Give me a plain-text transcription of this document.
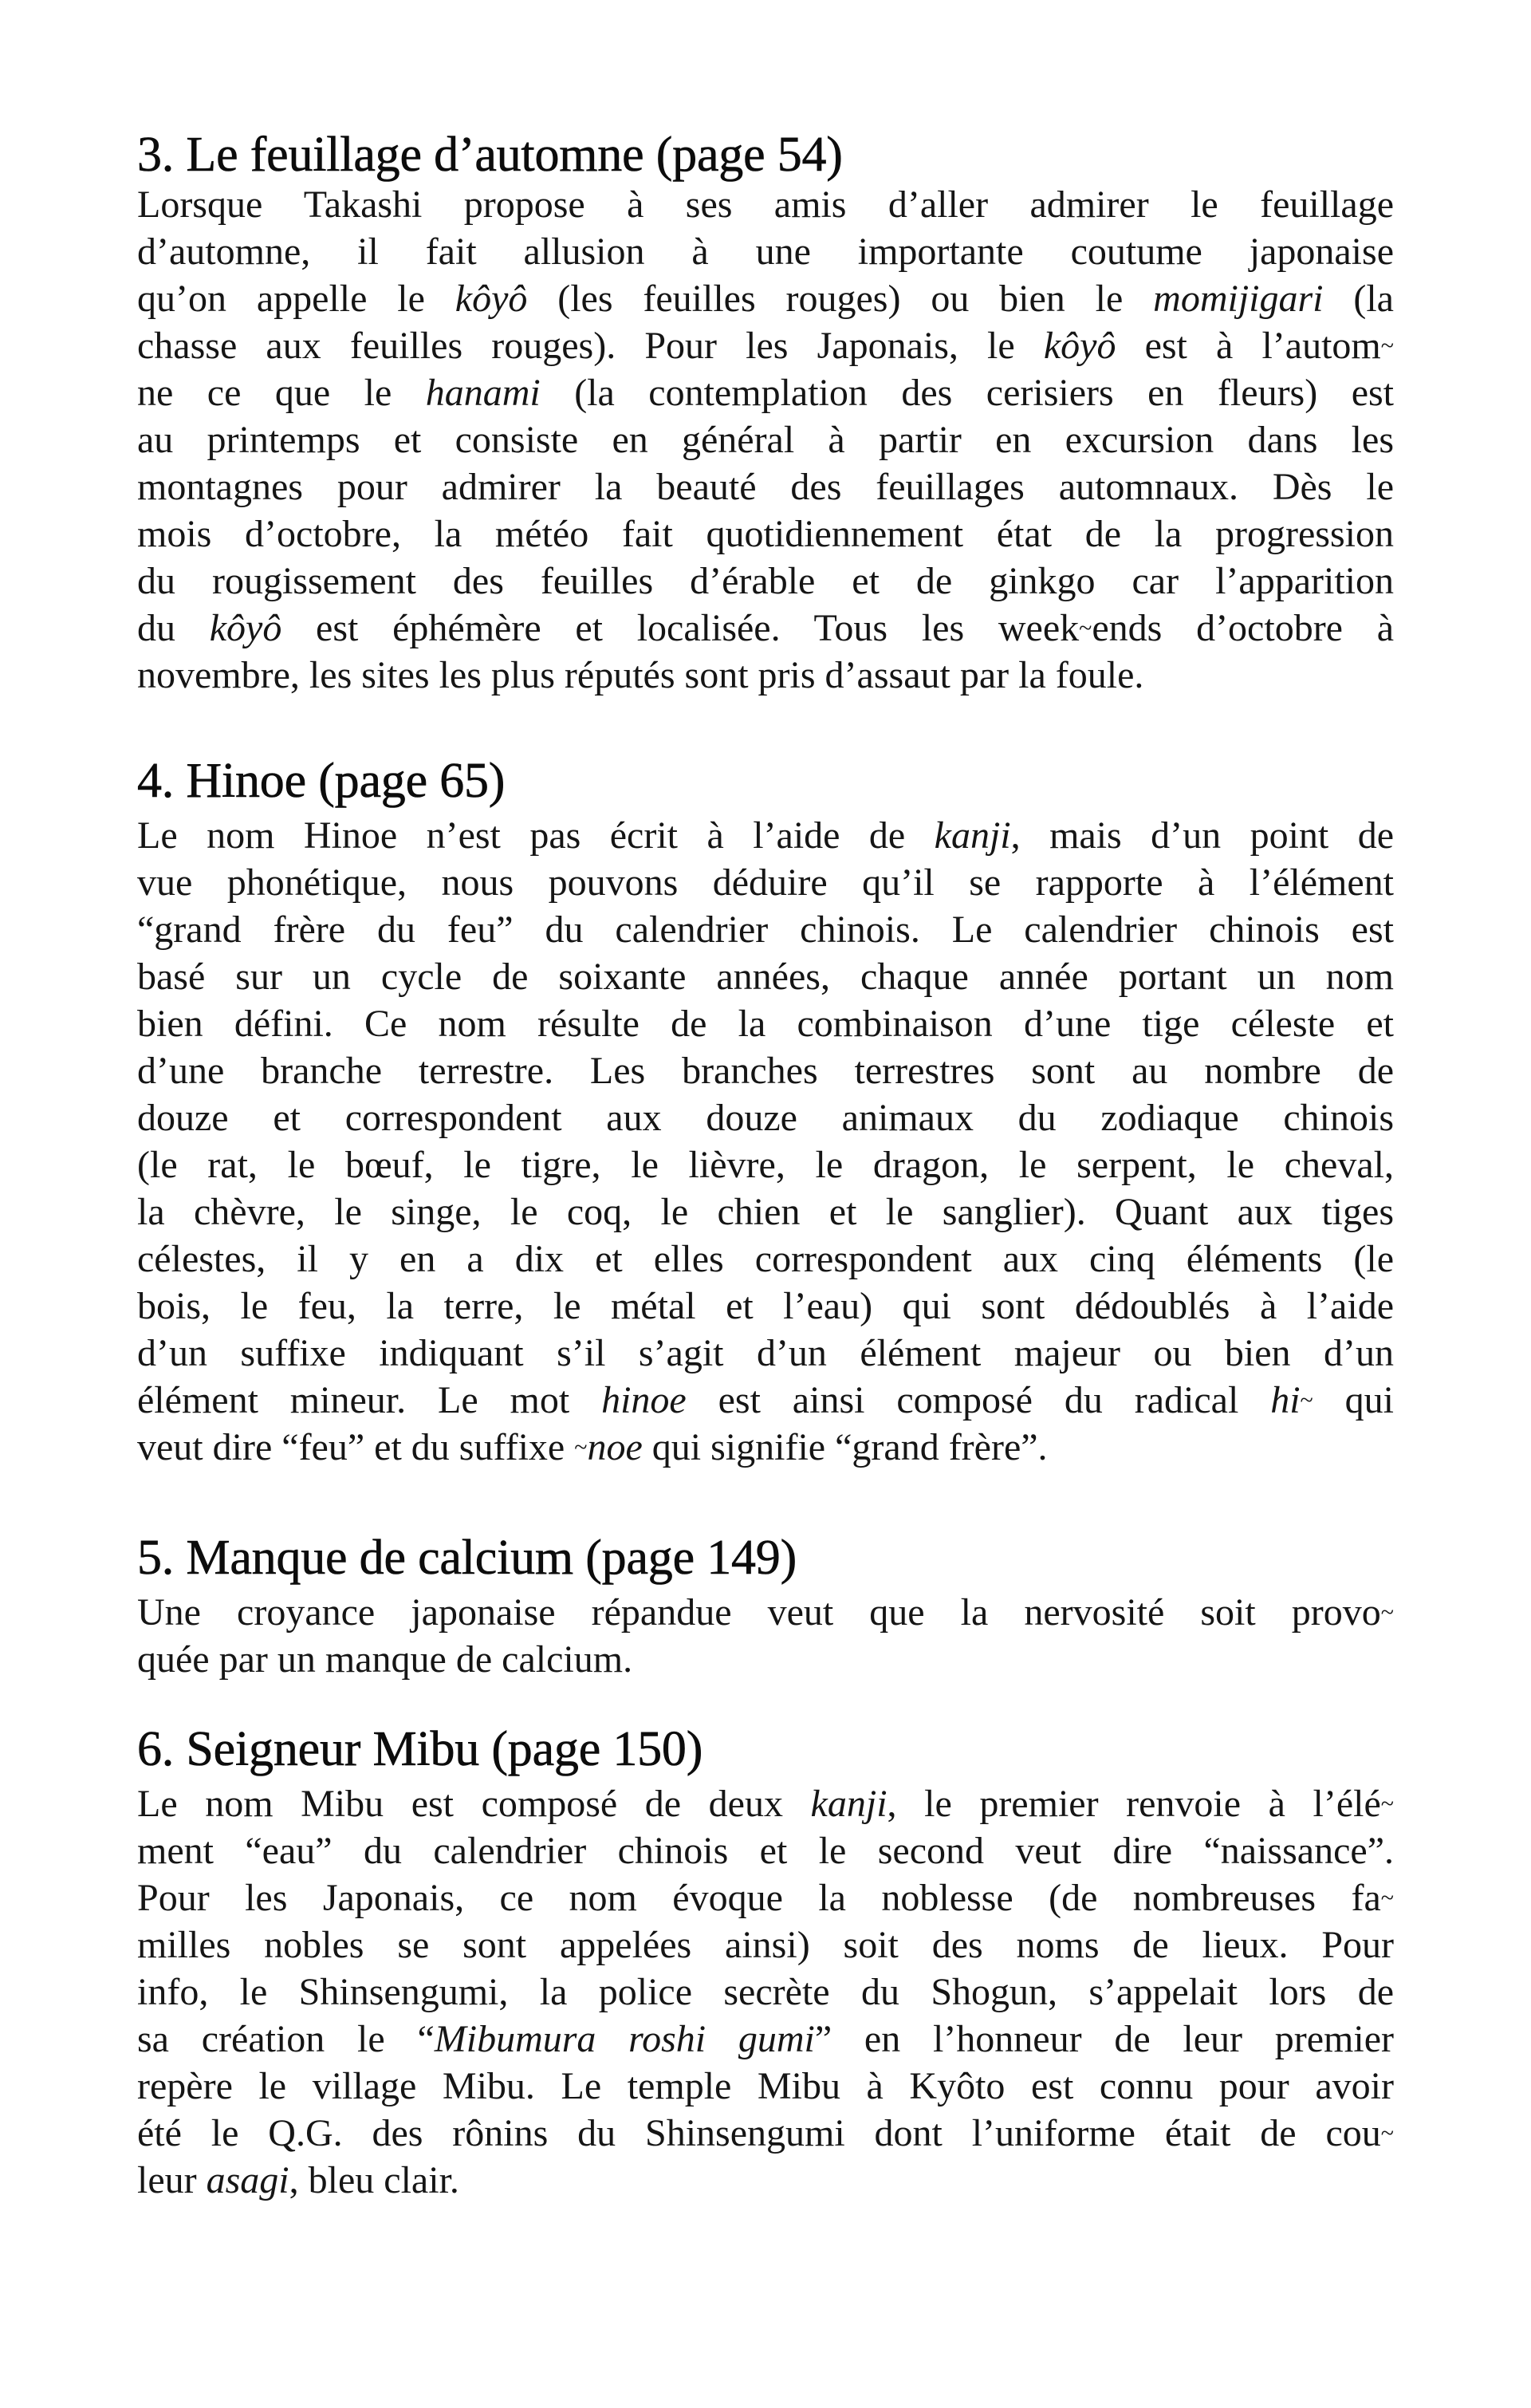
3. Le feuillage d’automne (page 54)
Lorsque Takashi propose à ses amis d’aller admirer le feuillage
d’automne, il fait allusion à une importante coutume japonaise
qu’on appelle le kôyô (les feuilles rouges) ou bien le momijigari (la
chasse aux feuilles rouges). Pour les Japonais, le kôyô est à l’autom~
ne ce que le hanami (la contemplation des cerisiers en fleurs) est
au printemps et consiste en général à partir en excursion dans les
montagnes pour admirer la beauté des feuillages automnaux. Dès le
mois d’octobre, la météo fait quotidiennement état de la progression
du rougissement des feuilles d’érable et de ginkgo car l’apparition
du kôyô est éphémère et localisée. Tous les week~ends d’octobre à
novembre, les sites les plus réputés sont pris d’assaut par la foule.
4. Hinoe (page 65)
Le nom Hinoe n’est pas écrit à l’aide de kanji, mais d’un point de
vue phonétique, nous pouvons déduire qu’il se rapporte à l’élément
“grand frère du feu” du calendrier chinois. Le calendrier chinois est
basé sur un cycle de soixante années, chaque année portant un nom
bien défini. Ce nom résulte de la combinaison d’une tige céleste et
d’une branche terrestre. Les branches terrestres sont au nombre de
douze et correspondent aux douze animaux du zodiaque chinois
(le rat, le bœuf, le tigre, le lièvre, le dragon, le serpent, le cheval,
la chèvre, le singe, le coq, le chien et le sanglier). Quant aux tiges
célestes, il y en a dix et elles correspondent aux cinq éléments (le
bois, le feu, la terre, le métal et l’eau) qui sont dédoublés à l’aide
d’un suffixe indiquant s’il s’agit d’un élément majeur ou bien d’un
élément mineur. Le mot hinoe est ainsi composé du radical hi~ qui
veut dire “feu” et du suffixe ~noe qui signifie “grand frère”.
5. Manque de calcium (page 149)
Une croyance japonaise répandue veut que la nervosité soit provo~
quée par un manque de calcium.
6. Seigneur Mibu (page 150)
Le nom Mibu est composé de deux kanji, le premier renvoie à l’élé~
ment “eau” du calendrier chinois et le second veut dire “naissance”.
Pour les Japonais, ce nom évoque la noblesse (de nombreuses fa~
milles nobles se sont appelées ainsi) soit des noms de lieux. Pour
info, le Shinsengumi, la police secrète du Shogun, s’appelait lors de
sa création le “Mibumura roshi gumi” en l’honneur de leur premier
repère le village Mibu. Le temple Mibu à Kyôto est connu pour avoir
été le Q.G. des rônins du Shinsengumi dont l’uniforme était de cou~
leur asagi, bleu clair.
